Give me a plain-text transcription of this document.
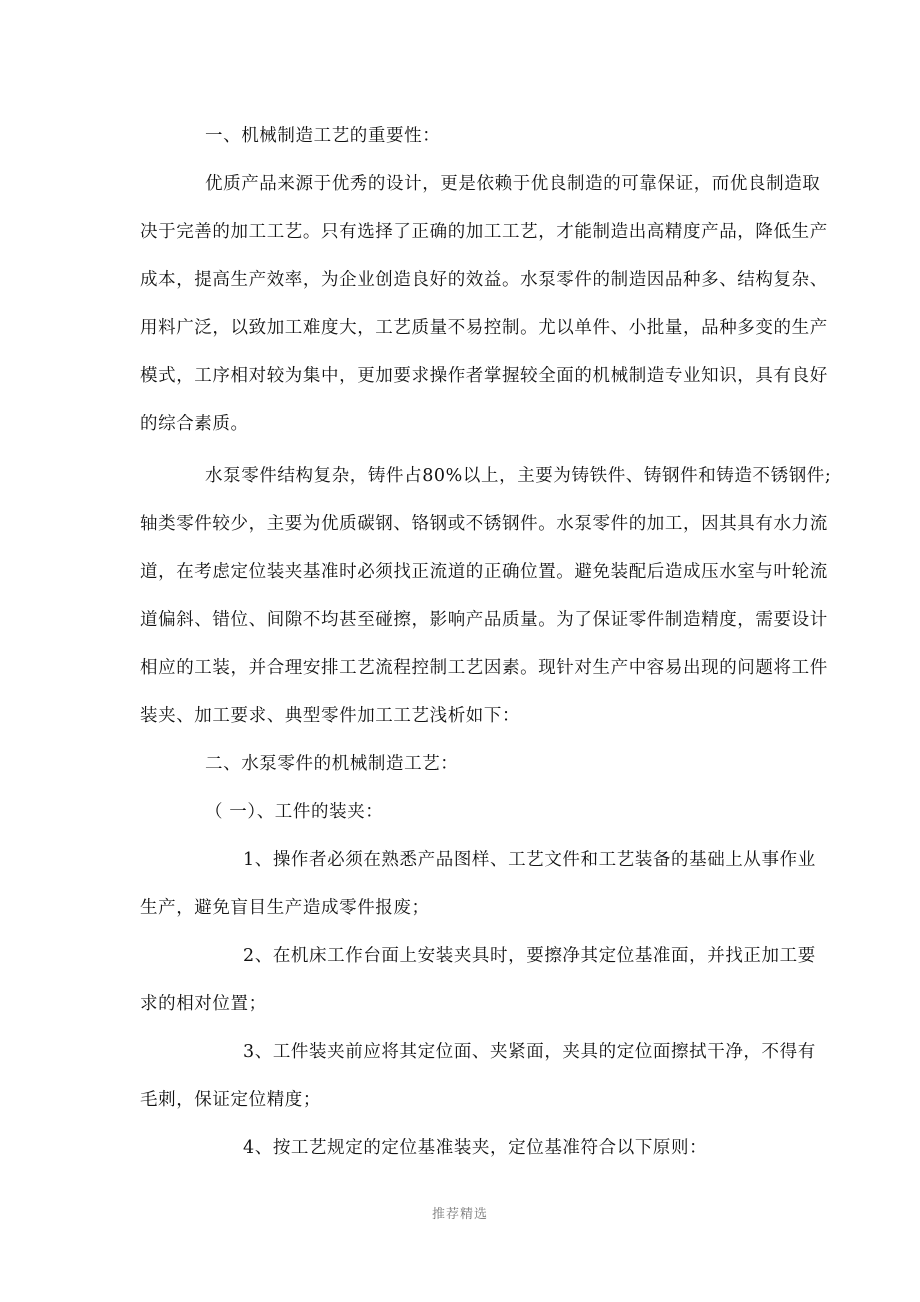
一、机械制造工艺的重要性：
优质产品来源于优秀的设计，更是依赖于优良制造的可靠保证，而优良制造取
决于完善的加工工艺。只有选择了正确的加工工艺，才能制造出高精度产品，降低生产
成本，提高生产效率，为企业创造良好的效益。水泵零件的制造因品种多、结构复杂、
用料广泛，以致加工难度大，工艺质量不易控制。尤以单件、小批量，品种多变的生产
模式，工序相对较为集中，更加要求操作者掌握较全面的机械制造专业知识，具有良好
的综合素质。
水泵零件结构复杂，铸件占80%以上，主要为铸铁件、铸钢件和铸造不锈钢件;
轴类零件较少，主要为优质碳钢、铬钢或不锈钢件。水泵零件的加工，因其具有水力流
道，在考虑定位装夹基准时必须找正流道的正确位置。避免装配后造成压水室与叶轮流
道偏斜、错位、间隙不均甚至碰擦，影响产品质量。为了保证零件制造精度，需要设计
相应的工装，并合理安排工艺流程控制工艺因素。现针对生产中容易出现的问题将工件
装夹、加工要求、典型零件加工工艺浅析如下：
二、水泵零件的机械制造工艺：
（ 一）、工件的装夹：
1、操作者必须在熟悉产品图样、工艺文件和工艺装备的基础上从事作业
生产，避免盲目生产造成零件报废；
2、在机床工作台面上安装夹具时，要擦净其定位基准面，并找正加工要
求的相对位置；
3、工件装夹前应将其定位面、夹紧面，夹具的定位面擦拭干净，不得有
毛刺，保证定位精度；
4、按工艺规定的定位基准装夹，定位基准符合以下原则：
推荐精选
